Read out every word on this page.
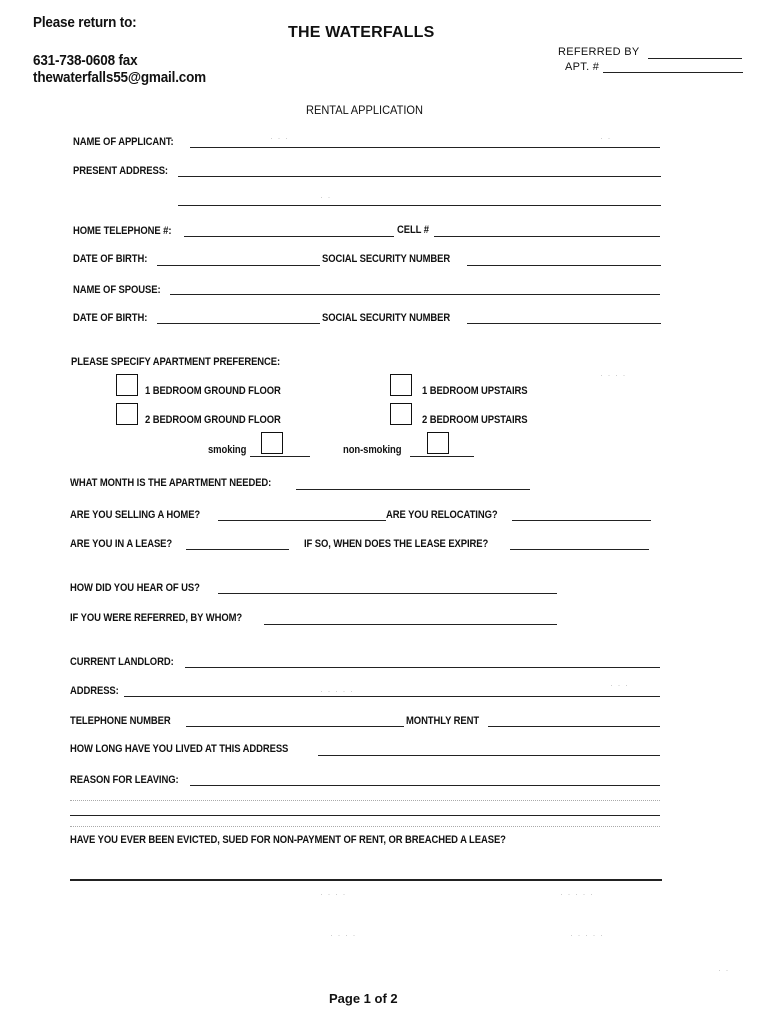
Please return to:
631-738-0608 fax
thewaterfalls55@gmail.com
THE WATERFALLS
REFERRED BY
APT. #
RENTAL APPLICATION
NAME OF APPLICANT:
PRESENT ADDRESS:
HOME TELEPHONE #:	CELL #
DATE OF BIRTH:	SOCIAL SECURITY NUMBER
NAME OF SPOUSE:
DATE OF BIRTH:	SOCIAL SECURITY NUMBER
PLEASE SPECIFY APARTMENT PREFERENCE:
1 BEDROOM GROUND FLOOR	1 BEDROOM UPSTAIRS
2 BEDROOM GROUND FLOOR	2 BEDROOM UPSTAIRS
smoking	non-smoking
WHAT MONTH IS THE APARTMENT NEEDED:
ARE YOU SELLING A HOME?	ARE YOU RELOCATING?
ARE YOU IN A LEASE?	IF SO, WHEN DOES THE LEASE EXPIRE?
HOW DID YOU HEAR OF US?
IF YOU WERE REFERRED, BY WHOM?
CURRENT LANDLORD:
ADDRESS:
TELEPHONE NUMBER	MONTHLY RENT
HOW LONG HAVE YOU LIVED AT THIS ADDRESS
REASON FOR LEAVING:
HAVE YOU EVER BEEN EVICTED, SUED FOR NON-PAYMENT OF RENT, OR BREACHED A LEASE?
· · ·	· ·
· ·
· · · ·
· · · · ·
· · ·
· · · ·	· · · · ·
· · · ·	· · · · ·
· ·
Page 1 of 2
